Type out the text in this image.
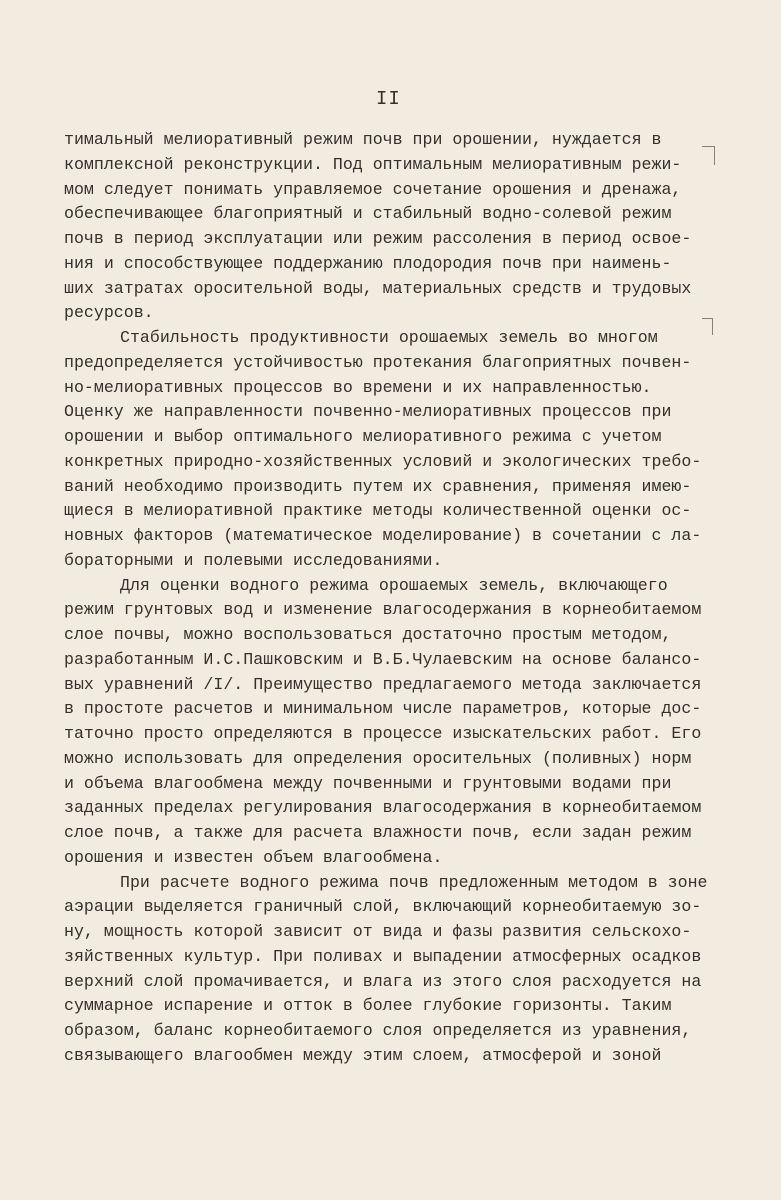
II
тимальный мелиоративный режим почв при орошении, нуждается в
комплексной реконструкции. Под оптимальным мелиоративным режи-
мом следует понимать управляемое сочетание орошения и дренажа,
обеспечивающее благоприятный и стабильный водно-солевой режим
почв в период эксплуатации или режим рассоления в период освое-
ния и способствующее поддержанию плодородия почв при наимень-
ших затратах оросительной воды, материальных средств и трудовых
ресурсов.
Стабильность продуктивности орошаемых земель во многом
предопределяется устойчивостью протекания благоприятных почвен-
но-мелиоративных процессов во времени и их направленностью.
Оценку же направленности почвенно-мелиоративных процессов при
орошении и выбор оптимального мелиоративного режима с учетом
конкретных природно-хозяйственных условий и экологических требо-
ваний необходимо производить путем их сравнения, применяя имею-
щиеся в мелиоративной практике методы количественной оценки ос-
новных факторов (математическое моделирование) в сочетании с ла-
бораторными и полевыми исследованиями.
Для оценки водного режима орошаемых земель, включающего
режим грунтовых вод и изменение влагосодержания в корнеобитаемом
слое почвы, можно воспользоваться достаточно простым методом,
разработанным И.С.Пашковским и В.Б.Чулаевским на основе балансо-
вых уравнений /I/. Преимущество предлагаемого метода заключается
в простоте расчетов и минимальном числе параметров, которые дос-
таточно просто определяются в процессе изыскательских работ. Его
можно использовать для определения оросительных (поливных) норм
и объема влагообмена между почвенными и грунтовыми водами при
заданных пределах регулирования влагосодержания в корнеобитаемом
слое почв, а также для расчета влажности почв, если задан режим
орошения и известен объем влагообмена.
При расчете водного режима почв предложенным методом в зоне
аэрации выделяется граничный слой, включающий корнеобитаемую зо-
ну, мощность которой зависит от вида и фазы развития сельскохо-
зяйственных культур. При поливах и выпадении атмосферных осадков
верхний слой промачивается, и влага из этого слоя расходуется на
суммарное испарение и отток в более глубокие горизонты. Таким
образом, баланс корнеобитаемого слоя определяется из уравнения,
связывающего влагообмен между этим слоем, атмосферой и зоной
